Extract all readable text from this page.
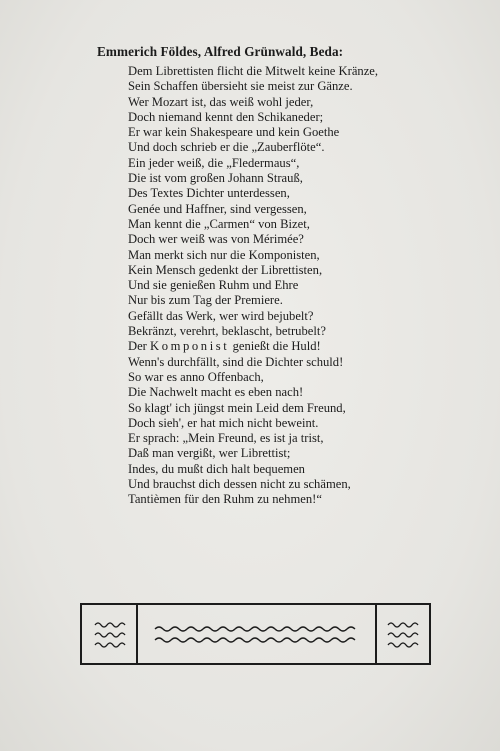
Emmerich Földes, Alfred Grünwald, Beda:
Dem Librettisten flicht die Mitwelt keine Kränze,
Sein Schaffen übersieht sie meist zur Gänze.
Wer Mozart ist, das weiß wohl jeder,
Doch niemand kennt den Schikaneder;
Er war kein Shakespeare und kein Goethe
Und doch schrieb er die „Zauberflöte“.
Ein jeder weiß, die „Fledermaus“,
Die ist vom großen Johann Strauß,
Des Textes Dichter unterdessen,
Genée und Haffner, sind vergessen,
Man kennt die „Carmen“ von Bizet,
Doch wer weiß was von Mérimée?
Man merkt sich nur die Komponisten,
Kein Mensch gedenkt der Librettisten,
Und sie genießen Ruhm und Ehre
Nur bis zum Tag der Premiere.
Gefällt das Werk, wer wird bejubelt?
Bekränzt, verehrt, beklascht, betrubelt?
Der Komponist genießt die Huld!
Wenn's durchfällt, sind die Dichter schuld!
So war es anno Offenbach,
Die Nachwelt macht es eben nach!
So klagt' ich jüngst mein Leid dem Freund,
Doch sieh', er hat mich nicht beweint.
Er sprach: „Mein Freund, es ist ja trist,
Daß man vergißt, wer Librettist;
Indes, du mußt dich halt bequemen
Und brauchst dich dessen nicht zu schämen,
Tantièmen für den Ruhm zu nehmen!“
